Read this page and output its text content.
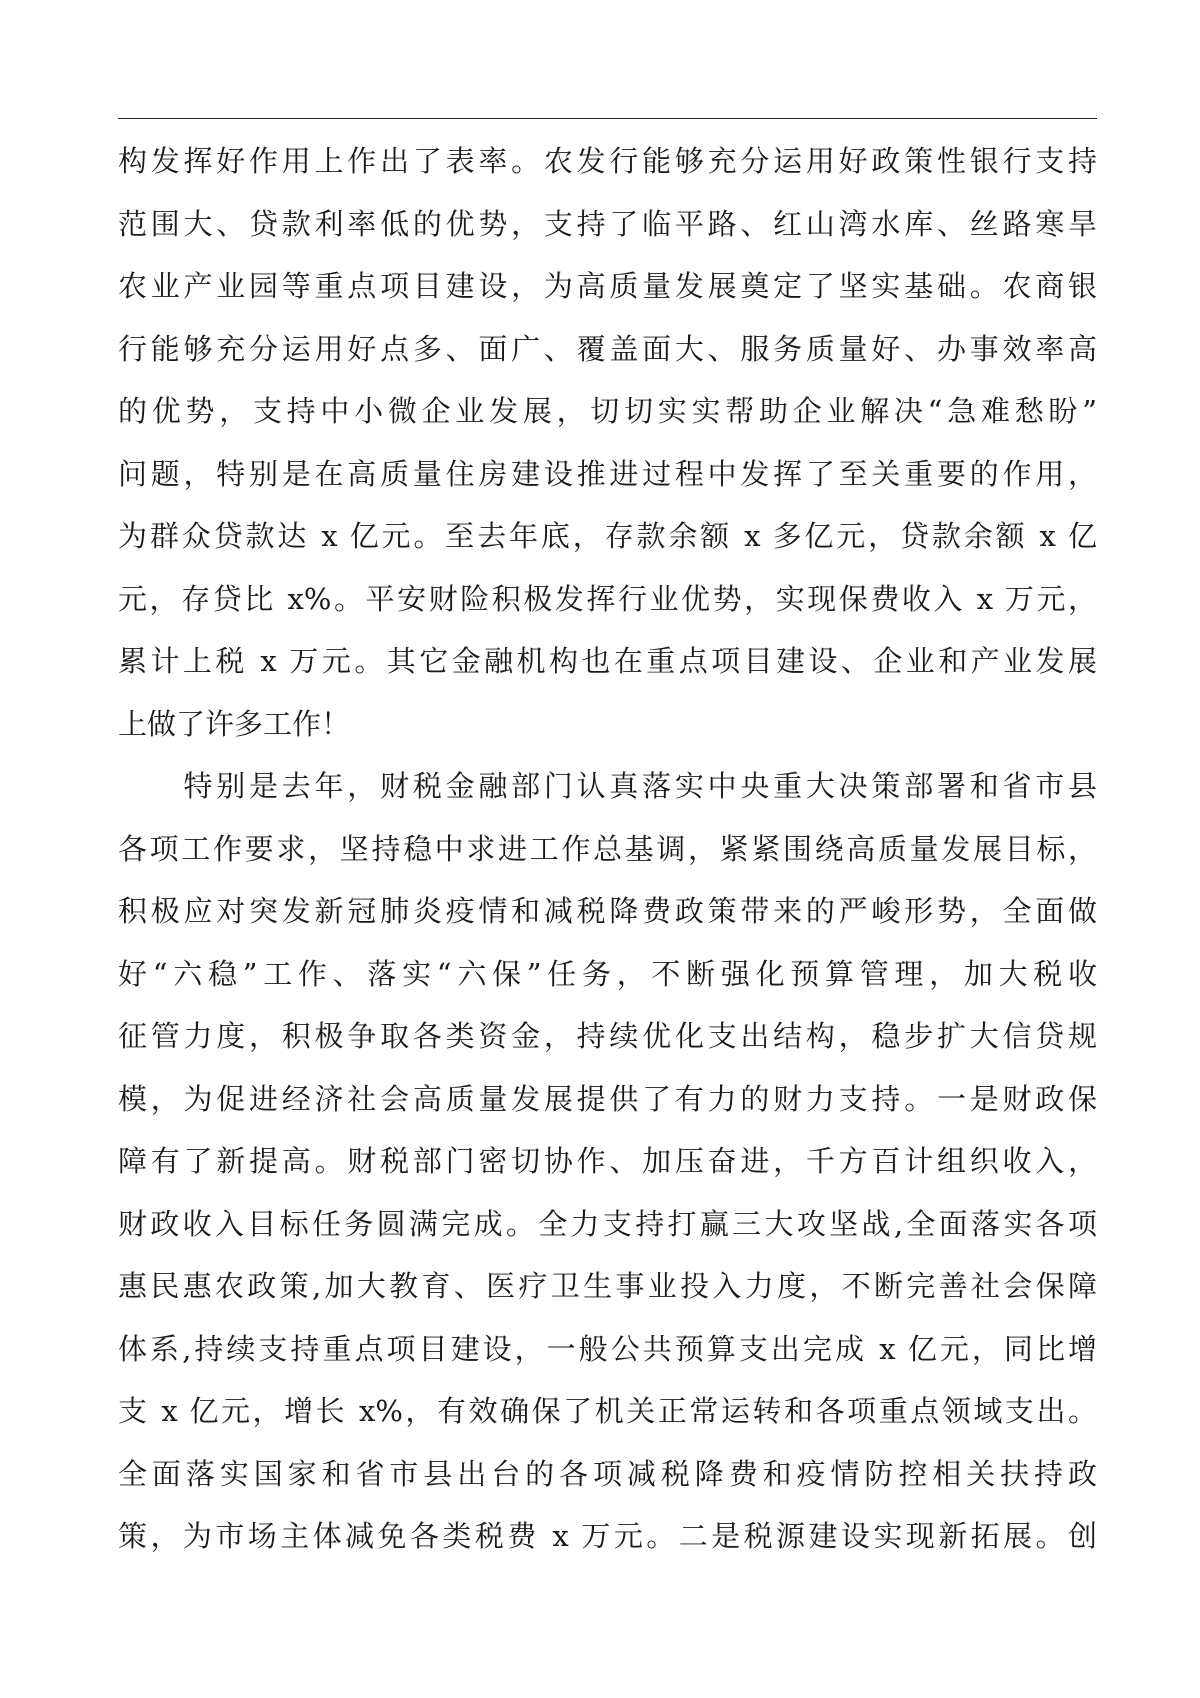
构发挥好作用上作出了表率。农发行能够充分运用好政策性银行支持
范围大、贷款利率低的优势，支持了临平路、红山湾水库、丝路寒旱
农业产业园等重点项目建设，为高质量发展奠定了坚实基础。农商银
行能够充分运用好点多、面广、覆盖面大、服务质量好、办事效率高
的优势，支持中小微企业发展，切切实实帮助企业解决“急难愁盼”
问题，特别是在高质量住房建设推进过程中发挥了至关重要的作用，
为群众贷款达 x 亿元。至去年底，存款余额 x 多亿元，贷款余额 x 亿
元，存贷比 x%。平安财险积极发挥行业优势，实现保费收入 x 万元，
累计上税 x 万元。其它金融机构也在重点项目建设、企业和产业发展
上做了许多工作！
　　特别是去年，财税金融部门认真落实中央重大决策部署和省市县
各项工作要求，坚持稳中求进工作总基调，紧紧围绕高质量发展目标，
积极应对突发新冠肺炎疫情和减税降费政策带来的严峻形势，全面做
好“六稳”工作、落实“六保”任务，不断强化预算管理，加大税收
征管力度，积极争取各类资金，持续优化支出结构，稳步扩大信贷规
模，为促进经济社会高质量发展提供了有力的财力支持。一是财政保
障有了新提高。财税部门密切协作、加压奋进，千方百计组织收入，
财政收入目标任务圆满完成。全力支持打赢三大攻坚战,全面落实各项
惠民惠农政策,加大教育、医疗卫生事业投入力度，不断完善社会保障
体系,持续支持重点项目建设，一般公共预算支出完成 x 亿元，同比增
支 x 亿元，增长 x%，有效确保了机关正常运转和各项重点领域支出。
全面落实国家和省市县出台的各项减税降费和疫情防控相关扶持政
策，为市场主体减免各类税费 x 万元。二是税源建设实现新拓展。创
